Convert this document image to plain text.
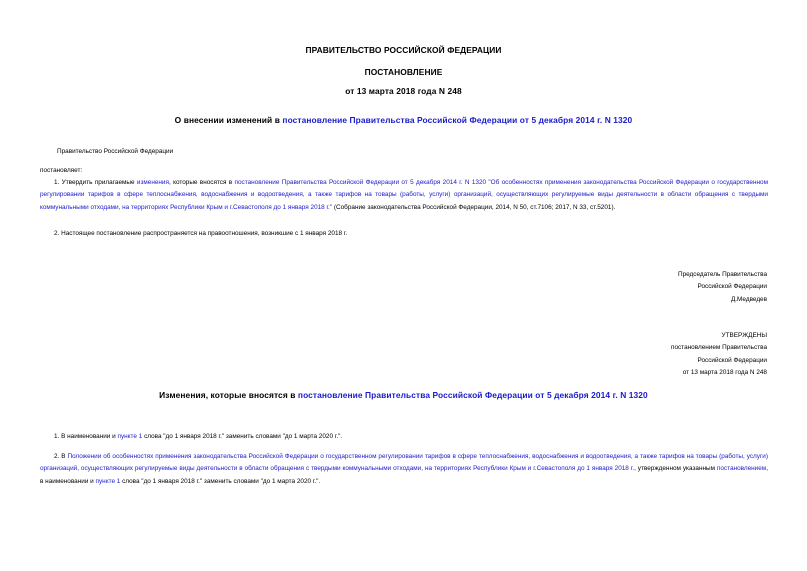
ПРАВИТЕЛЬСТВО РОССИЙСКОЙ ФЕДЕРАЦИИ
ПОСТАНОВЛЕНИЕ
от 13 марта 2018 года N 248
О внесении изменений в постановление Правительства Российской Федерации от 5 декабря 2014 г. N 1320
Правительство Российской Федерации
постановляет:
1. Утвердить прилагаемые изменения, которые вносятся в постановление Правительства Российской Федерации от 5 декабря 2014 г. N 1320 "Об особенностях применения законодательства Российской Федерации о государственном регулировании тарифов в сфере теплоснабжения, водоснабжения и водоотведения, а также тарифов на товары (работы, услуги) организаций, осуществляющих регулируемые виды деятельности в области обращения с твердыми коммунальными отходами, на территориях Республики Крым и г.Севастополя до 1 января 2018 г." (Собрание законодательства Российской Федерации, 2014, N 50, ст.7106; 2017, N 33, ст.5201).
2. Настоящее постановление распространяется на правоотношения, возникшие с 1 января 2018 г.
Председатель Правительства
Российской Федерации
Д.Медведев
УТВЕРЖДЕНЫ
постановлением Правительства
Российской Федерации
от 13 марта 2018 года N 248
Изменения, которые вносятся в постановление Правительства Российской Федерации от 5 декабря 2014 г. N 1320
1. В наименовании и пункте 1 слова "до 1 января 2018 г." заменить словами "до 1 марта 2020 г.".
2. В Положении об особенностях применения законодательства Российской Федерации о государственном регулировании тарифов в сфере теплоснабжения, водоснабжения и водоотведения, а также тарифов на товары (работы, услуги) организаций, осуществляющих регулируемые виды деятельности в области обращения с твердыми коммунальными отходами, на территориях Республики Крым и г.Севастополя до 1 января 2018 г., утвержденном указанным постановлением, в наименовании и пункте 1 слова "до 1 января 2018 г." заменить словами "до 1 марта 2020 г.".
